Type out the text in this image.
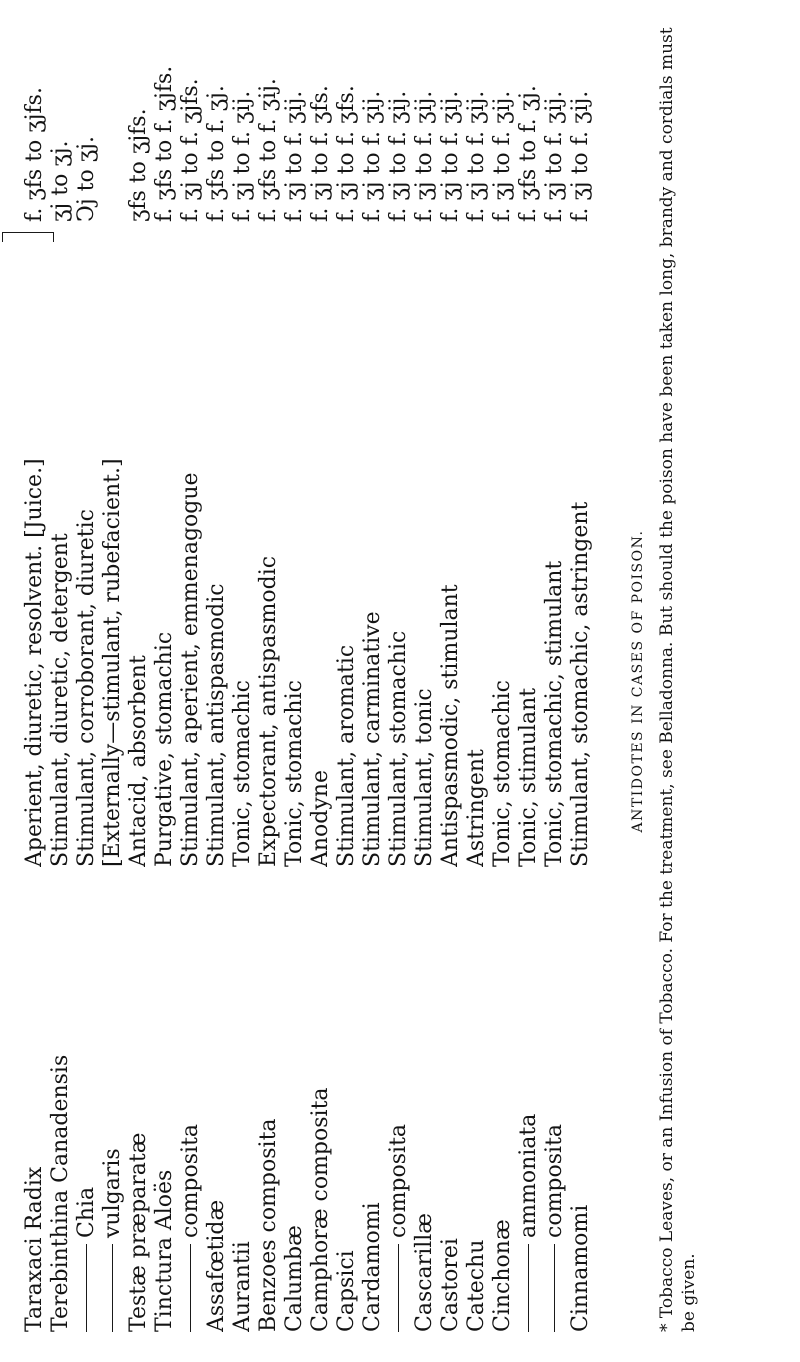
Taraxaci Radix
Aperient, diuretic, resolvent. [Juice.]
f. ʒfs to ʒjfs.
Terebinthina Canadensis
Stimulant, diuretic, detergent
ʒj to ʒj.
Chia
Stimulant, corroborant, diuretic
Ↄj to ʒj.
vulgaris
[Externally—stimulant, rubefacient.]
Testæ præparatæ
Antacid, absorbent
ʒfs to ʒjfs.
Tinctura Aloës
Purgative, stomachic
f. ʒfs to f. ʒjfs.
composita
Stimulant, aperient, emmenagogue
f. ʒj to f. ʒjfs.
Assafœtidæ
Stimulant, antispasmodic
f. ʒfs to f. ʒj.
Aurantii
Tonic, stomachic
f. ʒj to f. ʒij.
Benzoes composita
Expectorant, antispasmodic
f. ʒfs to f. ʒij.
Calumbæ
Tonic, stomachic
f. ʒj to f. ʒij.
Camphoræ composita
Anodyne
f. ʒj to f. ʒfs.
Capsici
Stimulant, aromatic
f. ʒj to f. ʒfs.
Cardamomi
Stimulant, carminative
f. ʒj to f. ʒij.
composita
Stimulant, stomachic
f. ʒj to f. ʒij.
Cascarillæ
Stimulant, tonic
f. ʒj to f. ʒij.
Castorei
Antispasmodic, stimulant
f. ʒj to f. ʒij.
Catechu
Astringent
f. ʒj to f. ʒij.
Cinchonæ
Tonic, stomachic
f. ʒj to f. ʒij.
ammoniata
Tonic, stimulant
f. ʒfs to f. ʒj.
composita
Tonic, stomachic, stimulant
f. ʒj to f. ʒij.
Cinnamomi
Stimulant, stomachic, astringent
f. ʒj to f. ʒij.
ANTIDOTES IN CASES OF POISON. * Tobacco Leaves, or an Infusion of Tobacco. For the treatment, see Belladonna. But should the poison have been taken long, brandy and cordials must be given.
